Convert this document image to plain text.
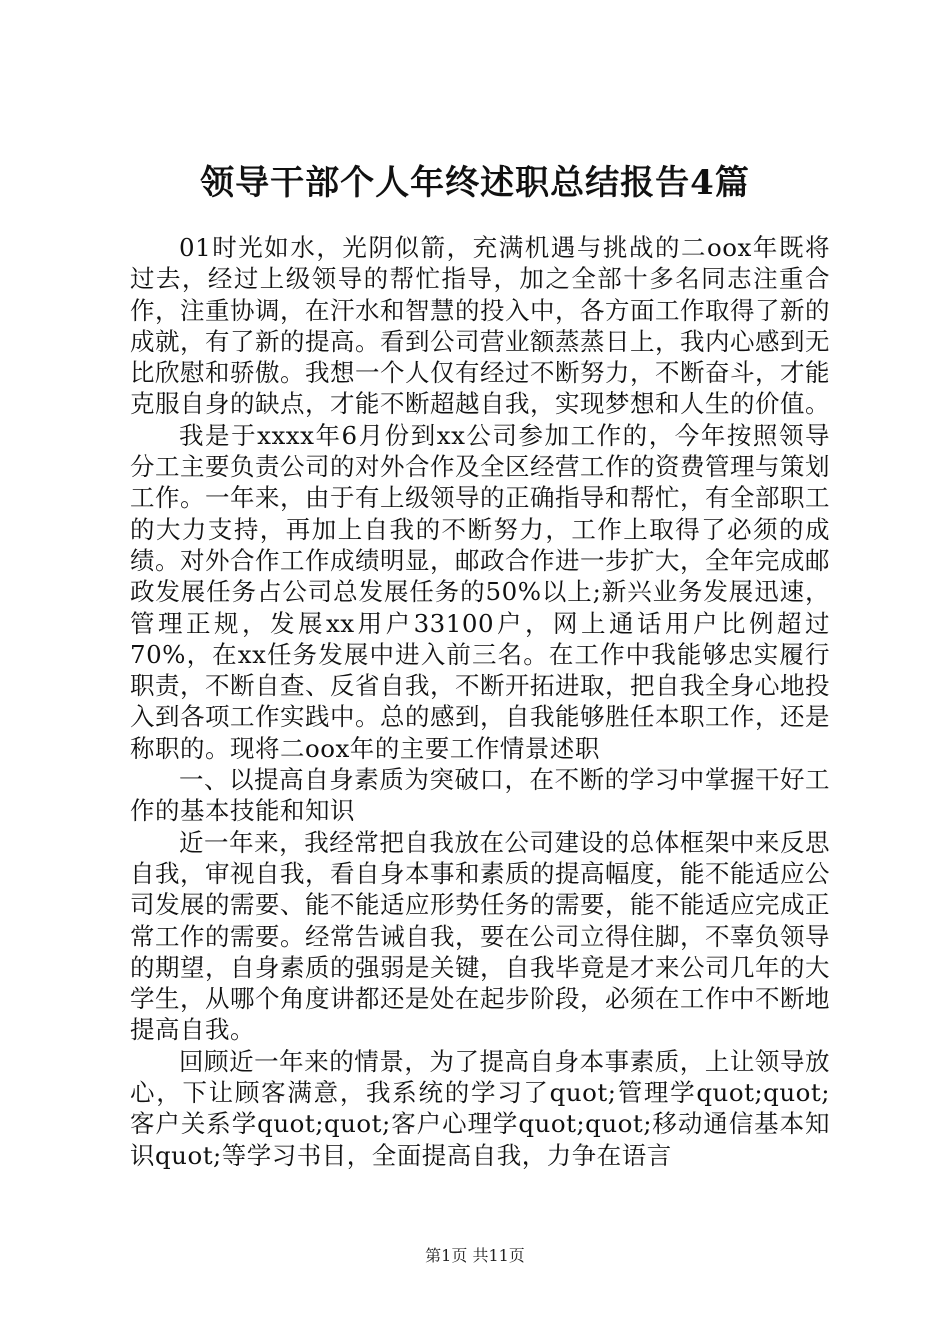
领导干部个人年终述职总结报告4篇

01时光如水，光阴似箭，充满机遇与挑战的二oox年既将过去，经过上级领导的帮忙指导，加之全部十多名同志注重合作，注重协调，在汗水和智慧的投入中，各方面工作取得了新的成就，有了新的提高。看到公司营业额蒸蒸日上，我内心感到无比欣慰和骄傲。我想一个人仅有经过不断努力，不断奋斗，才能克服自身的缺点，才能不断超越自我，实现梦想和人生的价值。

我是于xxxx年6月份到xx公司参加工作的，今年按照领导分工主要负责公司的对外合作及全区经营工作的资费管理与策划工作。一年来，由于有上级领导的正确指导和帮忙，有全部职工的大力支持，再加上自我的不断努力，工作上取得了必须的成绩。对外合作工作成绩明显，邮政合作进一步扩大，全年完成邮政发展任务占公司总发展任务的50%以上;新兴业务发展迅速，管理正规，发展xx用户33100户，网上通话用户比例超过70%，在xx任务发展中进入前三名。在工作中我能够忠实履行职责，不断自查、反省自我，不断开拓进取，把自我全身心地投入到各项工作实践中。总的感到，自我能够胜任本职工作，还是称职的。现将二oox年的主要工作情景述职

一、以提高自身素质为突破口，在不断的学习中掌握干好工作的基本技能和知识

近一年来，我经常把自我放在公司建设的总体框架中来反思自我，审视自我，看自身本事和素质的提高幅度，能不能适应公司发展的需要、能不能适应形势任务的需要，能不能适应完成正常工作的需要。经常告诫自我，要在公司立得住脚，不辜负领导的期望，自身素质的强弱是关键，自我毕竟是才来公司几年的大学生，从哪个角度讲都还是处在起步阶段，必须在工作中不断地提高自我。

回顾近一年来的情景，为了提高自身本事素质，上让领导放心，下让顾客满意，我系统的学习了quot;管理学quot;quot;客户关系学quot;quot;客户心理学quot;quot;移动通信基本知识quot;等学习书目，全面提高自我，力争在语言

第1页 共11页
